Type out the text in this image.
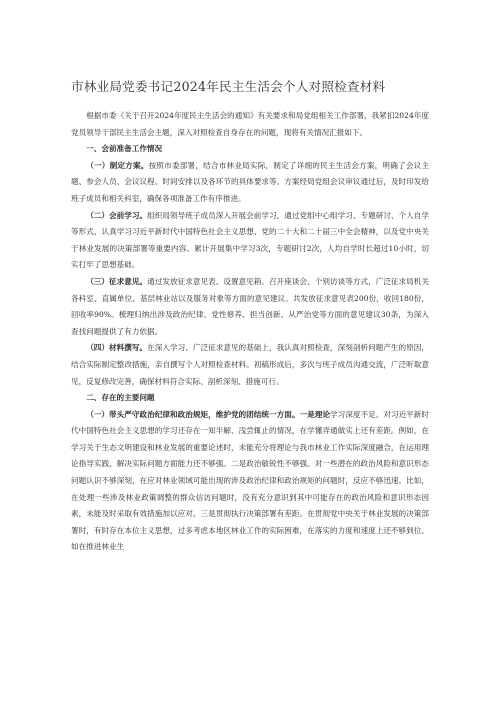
市林业局党委书记2024年民主生活会个人对照检查材料

根据市委《关于召开2024年度民主生活会的通知》有关要求和局党组相关工作部署，我紧扣2024年度党员领导干部民主生活会主题，深入对照检查自身存在的问题，现将有关情况汇报如下。

一、会前准备工作情况

（一）制定方案。按照市委部署，结合市林业局实际，制定了详细的民主生活会方案，明确了会议主题、参会人员、会议议程、时间安排以及各环节的具体要求等。方案经局党组会议审议通过后，及时印发给班子成员和相关科室，确保各项准备工作有序推进。

（二）会前学习。组织局领导班子成员深入开展会前学习，通过党组中心组学习、专题研讨、个人自学等形式，认真学习习近平新时代中国特色社会主义思想、党的二十大和二十届三中全会精神，以及党中央关于林业发展的决策部署等重要内容。累计开展集中学习3次，专题研讨2次，人均自学时长超过10小时，切实打牢了思想基础。

（三）征求意见。通过发放征求意见表、设置意见箱、召开座谈会、个别访谈等方式，广泛征求局机关各科室、直属单位、基层林业站以及服务对象等方面的意见建议。共发放征求意见表200份，收回180份，回收率90%。梳理归纳出涉及政治纪律、党性修养、担当创新、从严治党等方面的意见建议30条，为深入查找问题提供了有力依据。

（四）材料撰写。在深入学习、广泛征求意见的基础上，我认真对照检查，深刻剖析问题产生的原因，结合实际制定整改措施，亲自撰写个人对照检查材料。初稿形成后，多次与班子成员沟通交流，广泛听取意见，反复修改完善，确保材料符合实际、剖析深刻、措施可行。

二、存在的主要问题

（一）带头严守政治纪律和政治规矩，维护党的团结统一方面。一是理论学习深度不足。对习近平新时代中国特色社会主义思想的学习还存在一知半解、浅尝辄止的情况，在学懂弄通做实上还有差距。例如，在学习关于生态文明建设和林业发展的重要论述时，未能充分将理论与我市林业工作实际深度融合，在运用理论指导实践、解决实际问题方面能力还不够强。二是政治敏锐性不够强。对一些潜在的政治风险和意识形态问题认识不够深刻，在应对林业领域可能出现的涉及政治纪律和政治规矩的问题时，反应不够迅速。比如，在处理一些涉及林业政策调整的群众信访问题时，没有充分意识到其中可能存在的政治风险和意识形态因素，未能及时采取有效措施加以应对。三是贯彻执行决策部署有差距。在贯彻党中央关于林业发展的决策部署时，有时存在本位主义思想，过多考虑本地区林业工作的实际困难，在落实的力度和速度上还不够到位。如在推进林业生
